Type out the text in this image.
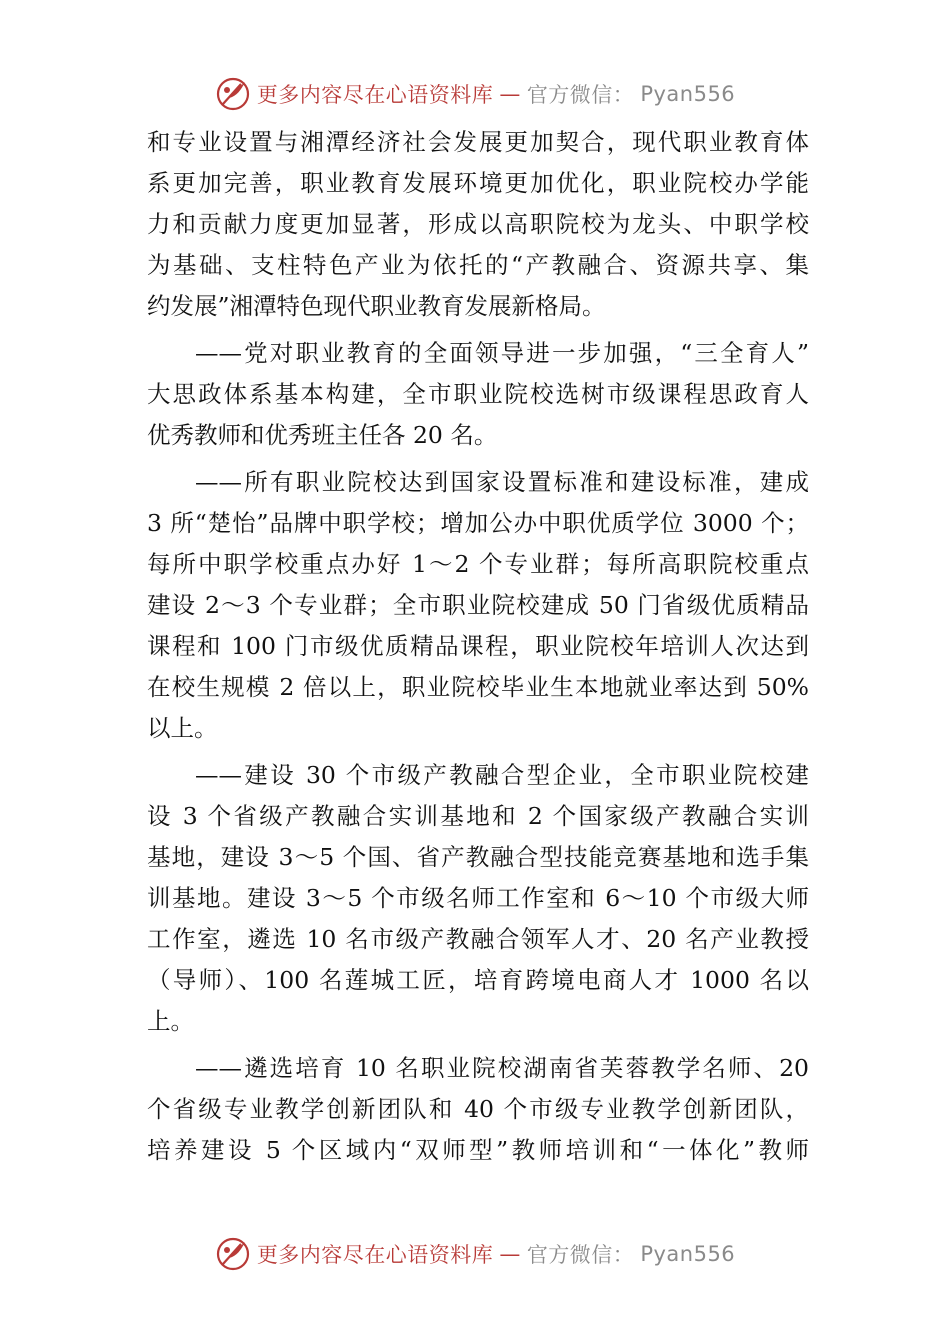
更多内容尽在心语资料库 — 官方微信： Pyan556
和专业设置与湘潭经济社会发展更加契合，现代职业教育体
系更加完善，职业教育发展环境更加优化，职业院校办学能
力和贡献力度更加显著，形成以高职院校为龙头、中职学校
为基础、支柱特色产业为依托的“产教融合、资源共享、集
约发展”湘潭特色现代职业教育发展新格局。
——党对职业教育的全面领导进一步加强，“三全育人”
大思政体系基本构建，全市职业院校选树市级课程思政育人
优秀教师和优秀班主任各 20 名。
——所有职业院校达到国家设置标准和建设标准，建成
3 所“楚怡”品牌中职学校；增加公办中职优质学位 3000 个；
每所中职学校重点办好 1～2 个专业群；每所高职院校重点
建设 2～3 个专业群；全市职业院校建成 50 门省级优质精品
课程和 100 门市级优质精品课程，职业院校年培训人次达到
在校生规模 2 倍以上，职业院校毕业生本地就业率达到 50%
以上。
——建设 30 个市级产教融合型企业，全市职业院校建
设 3 个省级产教融合实训基地和 2 个国家级产教融合实训
基地，建设 3～5 个国、省产教融合型技能竞赛基地和选手集
训基地。建设 3～5 个市级名师工作室和 6～10 个市级大师
工作室，遴选 10 名市级产教融合领军人才、20 名产业教授
（导师）、100 名莲城工匠，培育跨境电商人才 1000 名以
上。
——遴选培育 10 名职业院校湖南省芙蓉教学名师、20
个省级专业教学创新团队和 40 个市级专业教学创新团队，
培养建设 5 个区域内“双师型”教师培训和“一体化”教师
更多内容尽在心语资料库 — 官方微信： Pyan556
